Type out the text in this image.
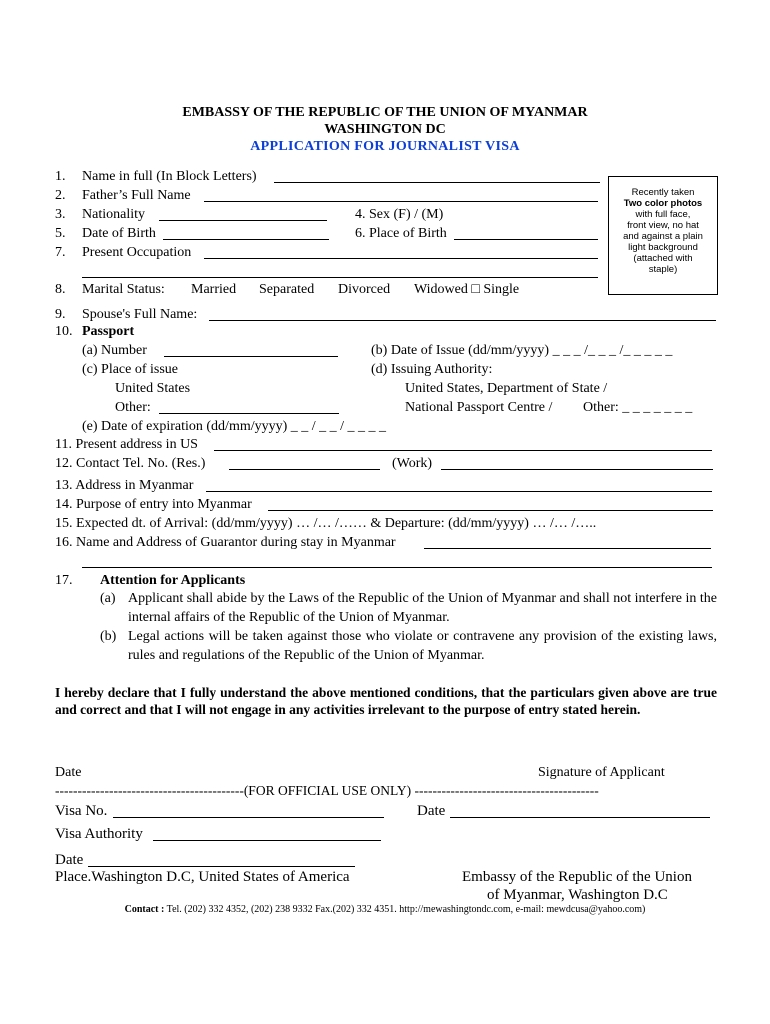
EMBASSY OF THE REPUBLIC OF THE UNION OF MYANMAR
WASHINGTON DC
APPLICATION FOR JOURNALIST VISA
Recently taken
Two color photos
with full face,
front view, no hat
and against a plain
light background
(attached with
staple)
1. Name in full (In Block Letters)
2. Father’s Full Name
3. Nationality	4. Sex (F) / (M)
5. Date of Birth	6. Place of Birth
7. Present Occupation
8. Marital Status: Married Separated Divorced Widowed □ Single
9. Spouse's Full Name:
10. Passport
(a) Number	(b) Date of Issue (dd/mm/yyyy) _ _ _ /_ _ _ /_ _ _ _ _
(c) Place of issue	(d) Issuing Authority:
United States	United States, Department of State /
Other:	National Passport Centre / Other: _ _ _ _ _ _ _
(e) Date of expiration (dd/mm/yyyy) _ _ / _ _ / _ _ _ _
11. Present address in US
12. Contact Tel. No. (Res.)	(Work)
13. Address in Myanmar
14. Purpose of entry into Myanmar
15. Expected dt. of Arrival: (dd/mm/yyyy) … /… /…… & Departure: (dd/mm/yyyy) … /… /…..
16. Name and Address of Guarantor during stay in Myanmar
17. Attention for Applicants
(a) Applicant shall abide by the Laws of the Republic of the Union of Myanmar and shall not interfere in the internal affairs of the Republic of the Union of Myanmar.
(b) Legal actions will be taken against those who violate or contravene any provision of the existing laws, rules and regulations of the Republic of the Union of Myanmar.
I hereby declare that I fully understand the above mentioned conditions, that the particulars given above are true and correct and that I will not engage in any activities irrelevant to the purpose of entry stated herein.
Date	Signature of Applicant
------------------------------------------(FOR OFFICIAL USE ONLY) -----------------------------------------
Visa No.	Date
Visa Authority
Date
Place.Washington D.C, United States of America	Embassy of the Republic of the Union
of Myanmar, Washington D.C
Contact : Tel. (202) 332 4352, (202) 238 9332 Fax.(202) 332 4351. http://mewashingtondc.com, e-mail: mewdcusa@yahoo.com)
